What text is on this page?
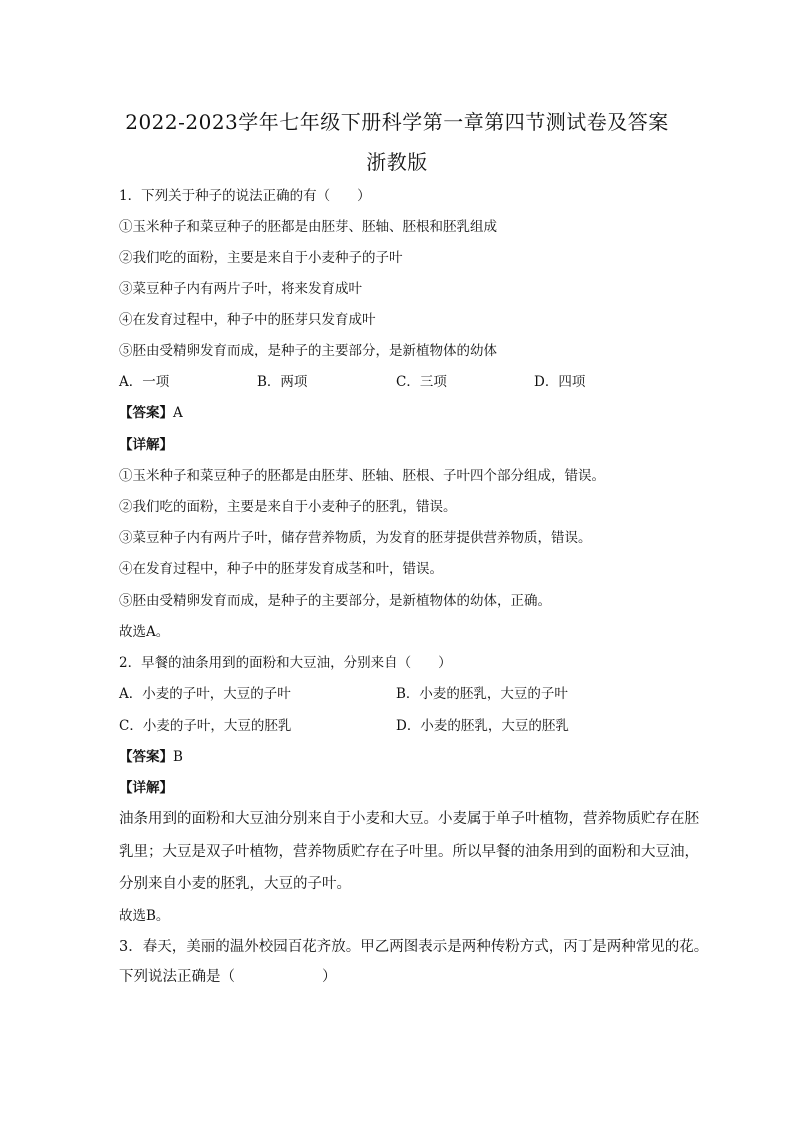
2022-2023学年七年级下册科学第一章第四节测试卷及答案
浙教版
1．下列关于种子的说法正确的有（　　）
①玉米种子和菜豆种子的胚都是由胚芽、胚轴、胚根和胚乳组成
②我们吃的面粉，主要是来自于小麦种子的子叶
③菜豆种子内有两片子叶，将来发育成叶
④在发育过程中，种子中的胚芽只发育成叶
⑤胚由受精卵发育而成，是种子的主要部分，是新植物体的幼体
A．一项	B．两项	C．三项	D．四项
【答案】A
【详解】
①玉米种子和菜豆种子的胚都是由胚芽、胚轴、胚根、子叶四个部分组成，错误。
②我们吃的面粉，主要是来自于小麦种子的胚乳，错误。
③菜豆种子内有两片子叶，储存营养物质，为发育的胚芽提供营养物质，错误。
④在发育过程中，种子中的胚芽发育成茎和叶，错误。
⑤胚由受精卵发育而成，是种子的主要部分，是新植物体的幼体，正确。
故选A。
2．早餐的油条用到的面粉和大豆油，分别来自（　　）
A．小麦的子叶，大豆的子叶	B．小麦的胚乳，大豆的子叶
C．小麦的子叶，大豆的胚乳	D．小麦的胚乳，大豆的胚乳
【答案】B
【详解】
油条用到的面粉和大豆油分别来自于小麦和大豆。小麦属于单子叶植物，营养物质贮存在胚
乳里；大豆是双子叶植物，营养物质贮存在子叶里。所以早餐的油条用到的面粉和大豆油，
分别来自小麦的胚乳，大豆的子叶。
故选B。
3．春天，美丽的温外校园百花齐放。甲乙两图表示是两种传粉方式，丙丁是两种常见的花。
下列说法正确是（　　　　　　）
